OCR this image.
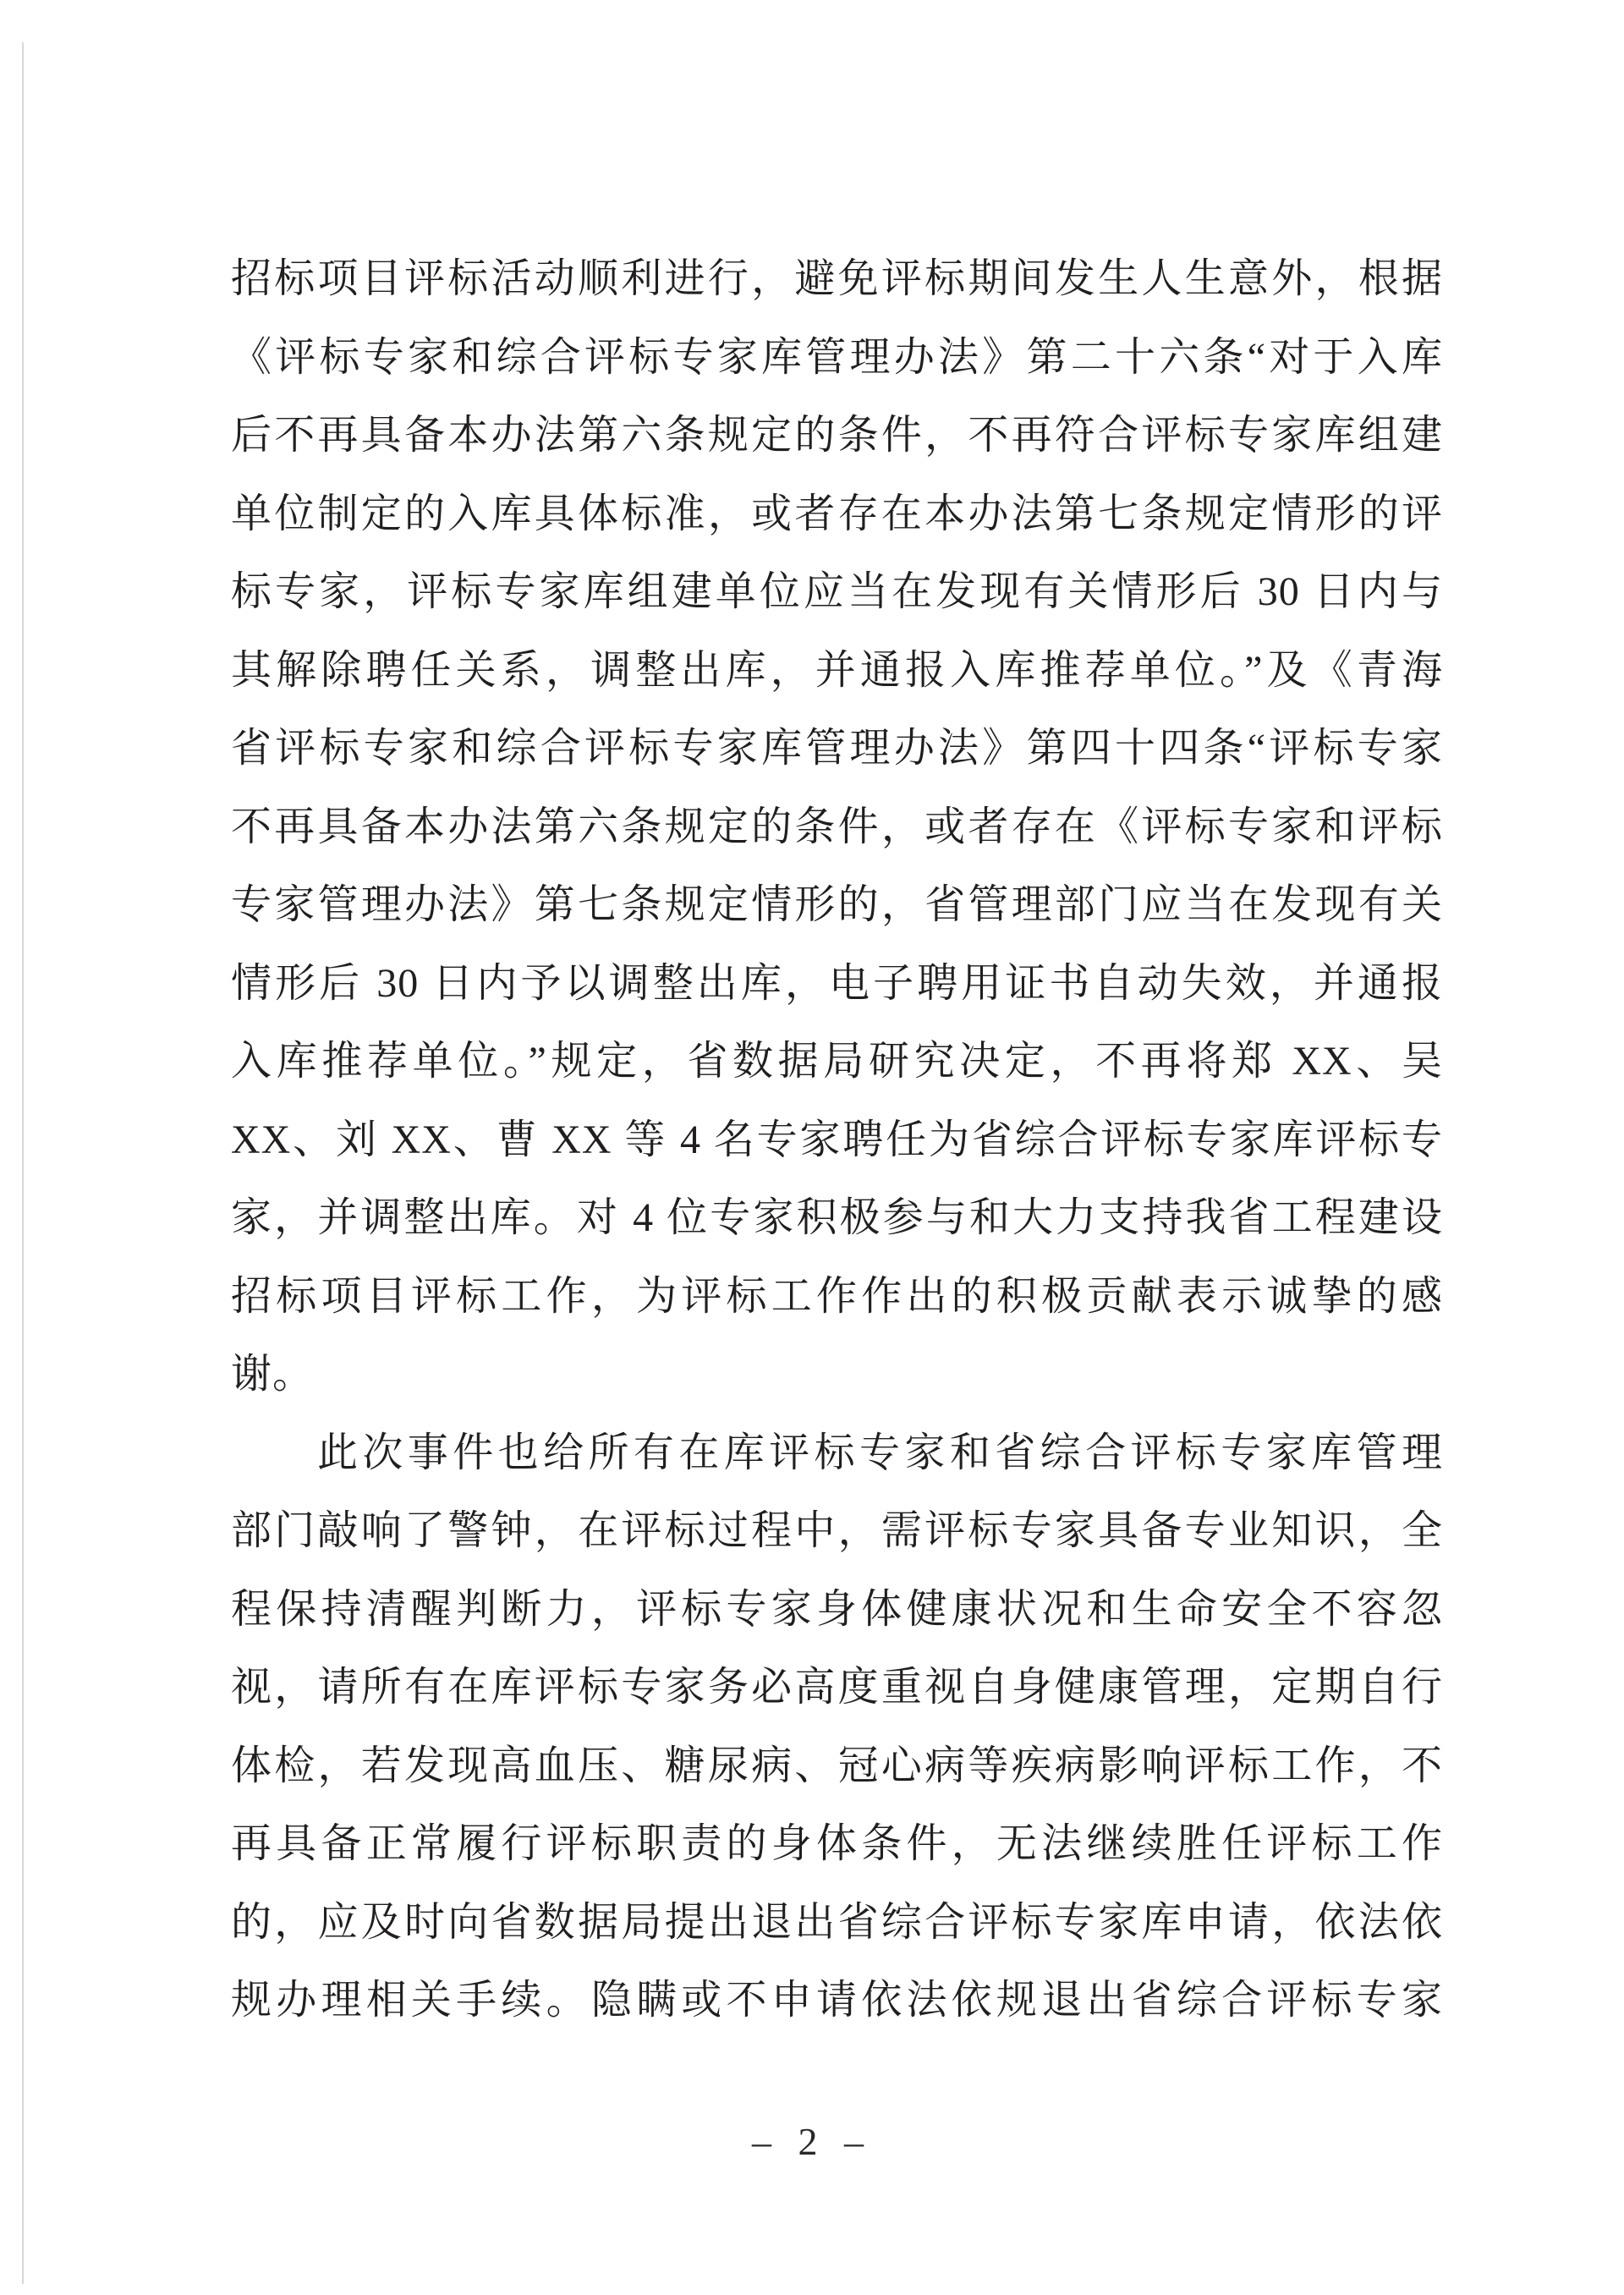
招标项目评标活动顺利进行，避免评标期间发生人生意外，根据
《评标专家和综合评标专家库管理办法》第二十六条“对于入库
后不再具备本办法第六条规定的条件，不再符合评标专家库组建
单位制定的入库具体标准，或者存在本办法第七条规定情形的评
标专家，评标专家库组建单位应当在发现有关情形后 30 日内与
其解除聘任关系，调整出库，并通报入库推荐单位。”及《青海
省评标专家和综合评标专家库管理办法》第四十四条“评标专家
不再具备本办法第六条规定的条件，或者存在《评标专家和评标
专家管理办法》第七条规定情形的，省管理部门应当在发现有关
情形后 30 日内予以调整出库，电子聘用证书自动失效，并通报
入库推荐单位。”规定，省数据局研究决定，不再将郑 XX、吴
XX、刘 XX、曹 XX 等 4 名专家聘任为省综合评标专家库评标专
家，并调整出库。对 4 位专家积极参与和大力支持我省工程建设
招标项目评标工作，为评标工作作出的积极贡献表示诚挚的感
谢。
此次事件也给所有在库评标专家和省综合评标专家库管理
部门敲响了警钟，在评标过程中，需评标专家具备专业知识，全
程保持清醒判断力，评标专家身体健康状况和生命安全不容忽
视，请所有在库评标专家务必高度重视自身健康管理，定期自行
体检，若发现高血压、糖尿病、冠心病等疾病影响评标工作，不
再具备正常履行评标职责的身体条件，无法继续胜任评标工作
的，应及时向省数据局提出退出省综合评标专家库申请，依法依
规办理相关手续。隐瞒或不申请依法依规退出省综合评标专家
– 2 –
